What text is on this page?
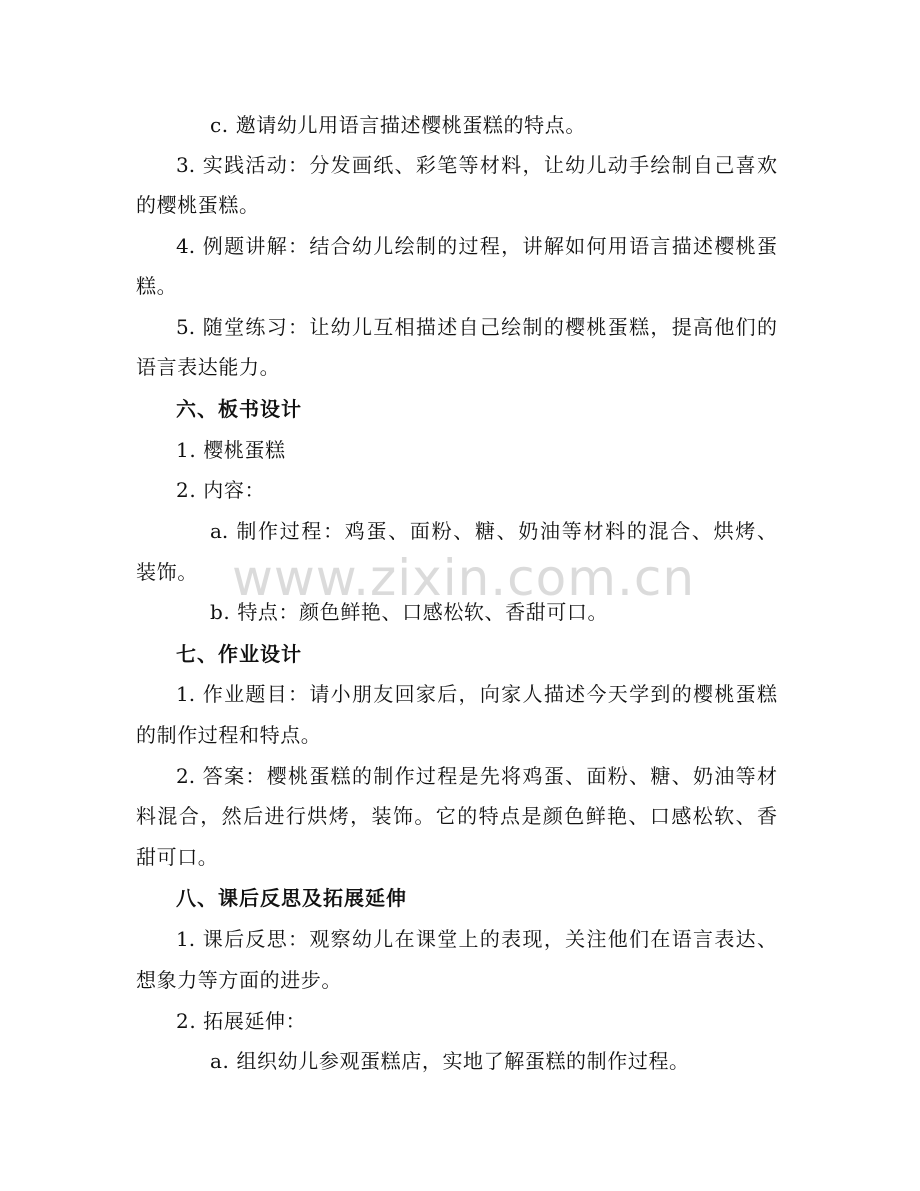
c. 邀请幼儿用语言描述樱桃蛋糕的特点。
3. 实践活动：分发画纸、彩笔等材料，让幼儿动手绘制自己喜欢
的樱桃蛋糕。
4. 例题讲解：结合幼儿绘制的过程，讲解如何用语言描述樱桃蛋
糕。
5. 随堂练习：让幼儿互相描述自己绘制的樱桃蛋糕，提高他们的
语言表达能力。
六、板书设计
1. 樱桃蛋糕
2. 内容：
a. 制作过程：鸡蛋、面粉、糖、奶油等材料的混合、烘烤、
装饰。
b. 特点：颜色鲜艳、口感松软、香甜可口。
七、作业设计
1. 作业题目：请小朋友回家后，向家人描述今天学到的樱桃蛋糕
的制作过程和特点。
2. 答案：樱桃蛋糕的制作过程是先将鸡蛋、面粉、糖、奶油等材
料混合，然后进行烘烤，装饰。它的特点是颜色鲜艳、口感松软、香
甜可口。
八、课后反思及拓展延伸
1. 课后反思：观察幼儿在课堂上的表现，关注他们在语言表达、
想象力等方面的进步。
2. 拓展延伸：
a. 组织幼儿参观蛋糕店，实地了解蛋糕的制作过程。
www.zixin.com.cn
